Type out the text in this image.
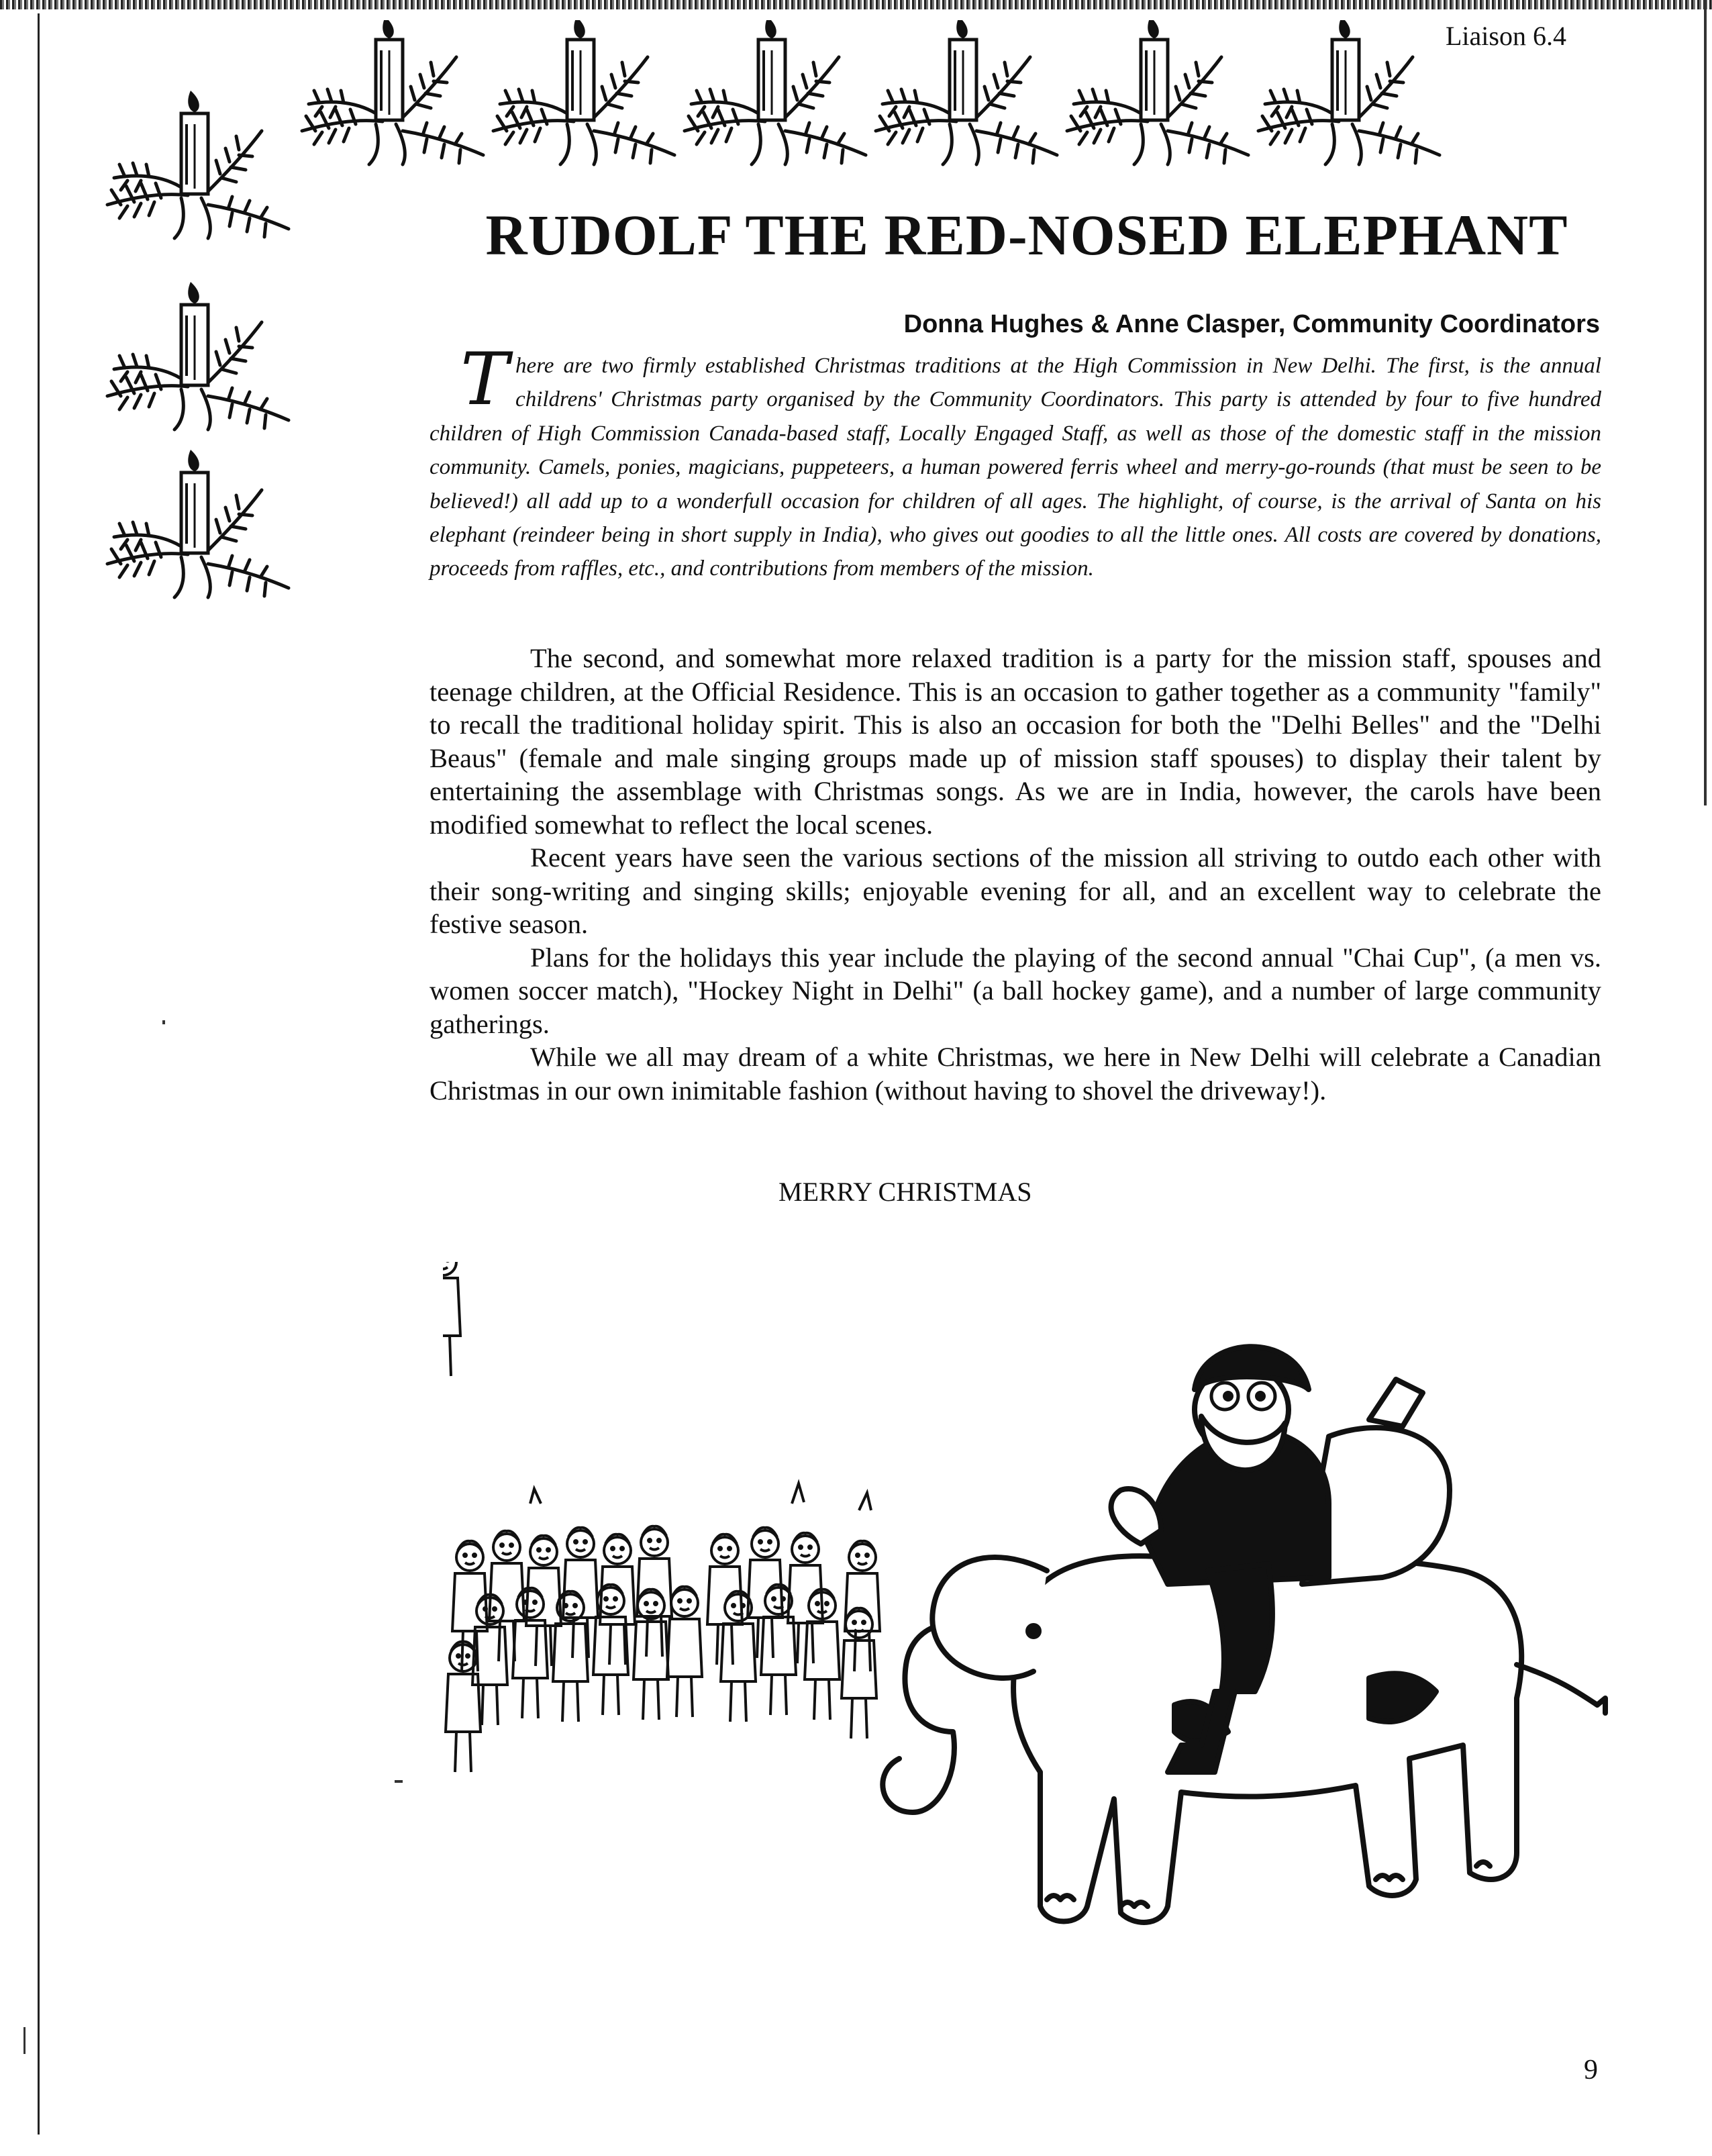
Liaison 6.4
RUDOLF THE RED-NOSED ELEPHANT
Donna Hughes & Anne Clasper, Community Coordinators
T here are two firmly established Christmas traditions at the High Commission in New Delhi. The first, is the annual childrens' Christmas party organised by the Community Coordinators. This party is attended by four to five hundred children of High Commission Canada-based staff, Locally Engaged Staff, as well as those of the domestic staff in the mission community. Camels, ponies, magicians, puppeteers, a human powered ferris wheel and merry-go-rounds (that must be seen to be believed!) all add up to a wonderfull occasion for children of all ages. The highlight, of course, is the arrival of Santa on his elephant (reindeer being in short supply in India), who gives out goodies to all the little ones. All costs are covered by donations, proceeds from raffles, etc., and contributions from members of the mission.

The second, and somewhat more relaxed tradition is a party for the mission staff, spouses and teenage children, at the Official Residence. This is an occasion to gather together as a community "family" to recall the traditional holiday spirit. This is also an occasion for both the "Delhi Belles" and the "Delhi Beaus" (female and male singing groups made up of mission staff spouses) to display their talent by entertaining the assemblage with Christmas songs. As we are in India, however, the carols have been modified somewhat to reflect the local scenes.

Recent years have seen the various sections of the mission all striving to outdo each other with their song-writing and singing skills; enjoyable evening for all, and an excellent way to celebrate the festive season.

Plans for the holidays this year include the playing of the second annual "Chai Cup", (a men vs. women soccer match), "Hockey Night in Delhi" (a ball hockey game), and a number of large community gatherings.

While we all may dream of a white Christmas, we here in New Delhi will celebrate a Canadian Christmas in our own inimitable fashion (without having to shovel the driveway!).

MERRY CHRISTMAS
9
